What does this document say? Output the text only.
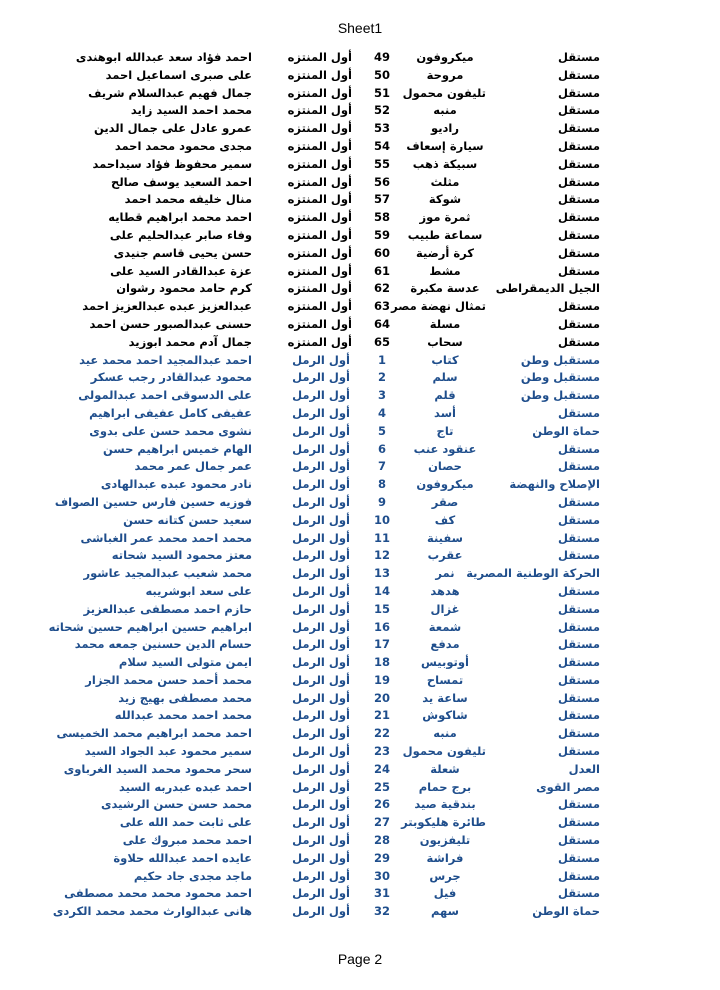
Sheet1
احمد فؤاد سعد عبدالله ابوهندى	أول المنتزه	49	ميكروفون	مستقل
على صبرى اسماعيل احمد	أول المنتزه	50	مروحة	مستقل
جمال فهيم عبدالسلام شريف	أول المنتزه	51	تليفون محمول	مستقل
محمد احمد السيد زايد	أول المنتزه	52	منبه	مستقل
عمرو عادل على جمال الدين	أول المنتزه	53	راديو	مستقل
مجدى محمود محمد احمد	أول المنتزه	54	سيارة إسعاف	مستقل
سمير محفوظ فؤاد سيداحمد	أول المنتزه	55	سبيكة ذهب	مستقل
احمد السعيد يوسف صالح	أول المنتزه	56	مثلث	مستقل
منال خليفه محمد احمد	أول المنتزه	57	شوكة	مستقل
احمد محمد ابراهيم قطايه	أول المنتزه	58	ثمرة موز	مستقل
وفاء صابر عبدالحليم على	أول المنتزه	59	سماعة طبيب	مستقل
حسن يحيى قاسم جنيدى	أول المنتزه	60	كرة أرضية	مستقل
عزة عبدالقادر السيد على	أول المنتزه	61	مشط	مستقل
كرم حامد محمود رشوان	أول المنتزه	62	عدسة مكبرة	الجيل الديمقراطى
عبدالعزيز عبده عبدالعزيز احمد	أول المنتزه	63 تمثال نهضة مصر	مستقل
حسنى عبدالصبور حسن احمد	أول المنتزه	64	مسلة	مستقل
جمال آدم محمد ابوزيد	أول المنتزه	65	سحاب	مستقل
احمد عبدالمجيد احمد محمد عيد	أول الرمل	1	كتاب	مستقبل وطن
محمود عبدالقادر رجب عسكر	أول الرمل	2	سلم	مستقبل وطن
على الدسوقى احمد عبدالمولى	أول الرمل	3	قلم	مستقبل وطن
عفيفى كامل عفيفى ابراهيم	أول الرمل	4	أسد	مستقل
نشوى محمد حسن على بدوى	أول الرمل	5	تاج	حماة الوطن
الهام خميس ابراهيم حسن	أول الرمل	6	عنقود عنب	مستقل
عمر جمال عمر محمد	أول الرمل	7	حصان	مستقل
نادر محمود عبده عبدالهادى	أول الرمل	8	ميكروفون	الإصلاح والنهضة
فوزيه حسين فارس حسين الصواف	أول الرمل	9	صقر	مستقل
سعيد حسن كتانه حسن	أول الرمل	10	كف	مستقل
محمد احمد محمد عمر الغباشى	أول الرمل	11	سفينة	مستقل
معتز محمود السيد شحاته	أول الرمل	12	عقرب	مستقل
محمد شعيب عبدالمجيد عاشور	أول الرمل	13	نمر	الحركة الوطنية المصرية
على سعد ابوشريبه	أول الرمل	14	هدهد	مستقل
حازم احمد مصطفى عبدالعزيز	أول الرمل	15	غزال	مستقل
ابراهيم حسين ابراهيم حسين شحاته	أول الرمل	16	شمعة	مستقل
حسام الدين حسنين جمعه محمد	أول الرمل	17	مدفع	مستقل
ايمن متولى السيد سلام	أول الرمل	18	أوتوبيس	مستقل
محمد أحمد حسن محمد الجزار	أول الرمل	19	تمساح	مستقل
محمد مصطفى بهيج زيد	أول الرمل	20	ساعة يد	مستقل
محمد احمد محمد عبدالله	أول الرمل	21	شاكوش	مستقل
احمد محمد ابراهيم محمد الخميسى	أول الرمل	22	منبه	مستقل
سمير محمود عبد الجواد السيد	أول الرمل	23	تليفون محمول	مستقل
سحر محمود محمد السيد الغرباوى	أول الرمل	24	شعلة	العدل
احمد عبده عبدربه السيد	أول الرمل	25	برج حمام	مصر القوى
محمد حسن حسن الرشيدى	أول الرمل	26	بندقية صيد	مستقل
على ثابت حمد الله على	أول الرمل	27 طائرة هليكوبتر	مستقل
احمد محمد مبروك على	أول الرمل	28	تليفزيون	مستقل
عايده احمد عبدالله حلاوة	أول الرمل	29	فراشة	مستقل
ماجد مجدى جاد حكيم	أول الرمل	30	جرس	مستقل
احمد محمود محمد محمد مصطفى	أول الرمل	31	فيل	مستقل
هانى عبدالوارث محمد محمد الكردى	أول الرمل	32	سهم	حماة الوطن
Page 2
